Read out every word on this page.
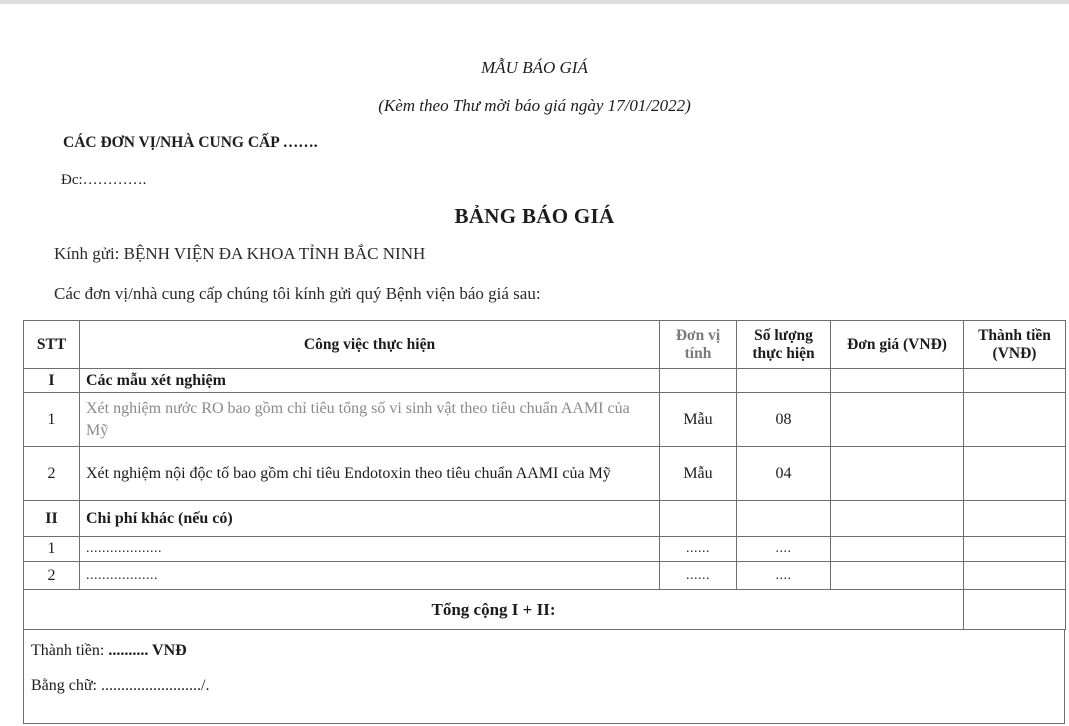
MẪU BÁO GIÁ
(Kèm theo Thư mời báo giá ngày 17/01/2022)
CÁC ĐƠN VỊ/NHÀ CUNG CẤP …….
Đc:………….
BẢNG BÁO GIÁ
Kính gửi: BỆNH VIỆN ĐA KHOA TỈNH BẮC NINH
Các đơn vị/nhà cung cấp chúng tôi kính gửi quý Bệnh viện báo giá sau:
STT	Công việc thực hiện	Đơn vị tính	Số lượng thực hiện	Đơn giá (VNĐ)	Thành tiền (VNĐ)
I	Các mẫu xét nghiệm				
1	Xét nghiệm nước RO bao gồm chỉ tiêu tổng số vi sinh vật theo tiêu chuẩn AAMI của Mỹ	Mẫu	08		
2	Xét nghiệm nội độc tố bao gồm chỉ tiêu Endotoxin theo tiêu chuẩn AAMI của Mỹ	Mẫu	04		
II	Chi phí khác (nếu có)				
1	...................	......	....		
2	..................	......	....		
Tổng cộng I + II:					
Thành tiền: .......... VNĐ
Bằng chữ: ........................./.
